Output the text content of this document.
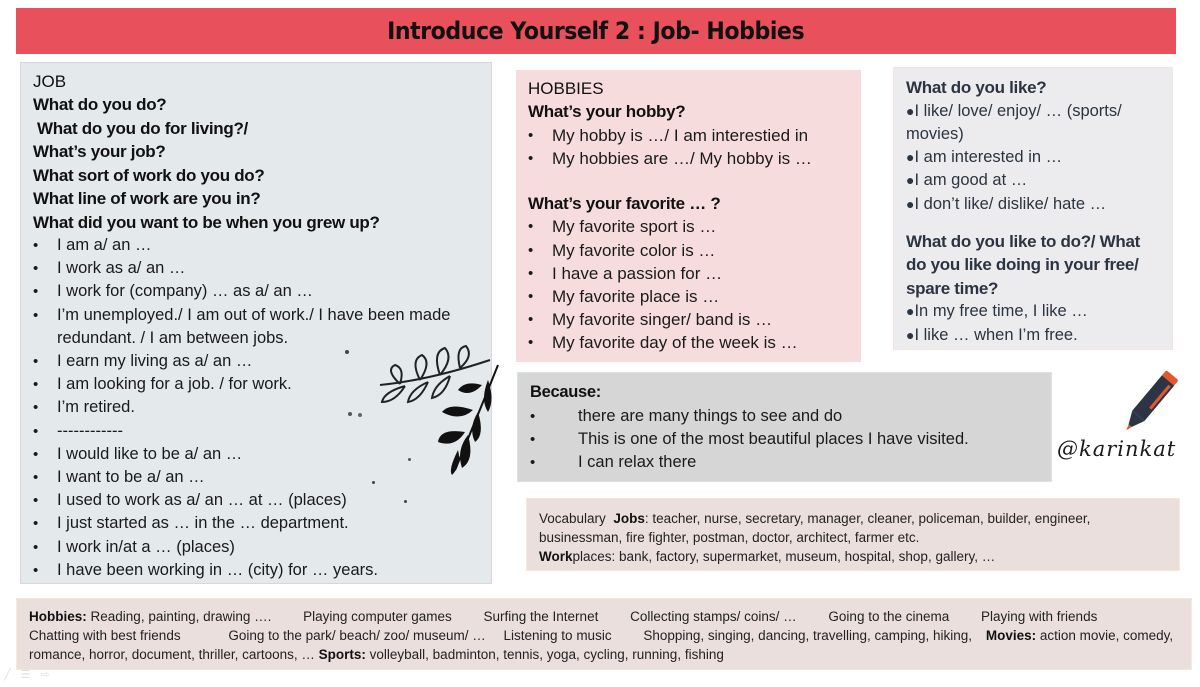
Introduce Yourself 2 : Job- Hobbies
JOB
What do you do?
What do you do for living?/
What’s your job?
What sort of work do you do?
What line of work are you in?
What did you want to be when you grew up?
• I am a/ an …
• I work as a/ an …
• I work for (company) … as a/ an …
• I’m unemployed./ I am out of work./ I have been made redundant. / I am between jobs.
• I earn my living as a/ an …
• I am looking for a job. / for work.
• I’m retired.
• ------------
• I would like to be a/ an …
• I want to be a/ an …
• I used to work as a/ an … at … (places)
• I just started as … in the … department.
• I work in/at a … (places)
• I have been working in … (city) for … years.
HOBBIES
What’s your hobby?
• My hobby is …/ I am interestied in
• My hobbies are …/ My hobby is …
What’s your favorite … ?
• My favorite sport is …
• My favorite color is …
• I have a passion for …
• My favorite place is …
• My favorite singer/ band is …
• My favorite day of the week is …
What do you like?
●I like/ love/ enjoy/ … (sports/ movies)
●I am interested in …
●I am good at …
●I don’t like/ dislike/ hate …
What do you like to do?/ What do you like doing in your free/ spare time?
●In my free time, I like …
●I like … when I’m free.
Because:
• there are many things to see and do
• This is one of the most beautiful places I have visited.
• I can relax there
@karinkat
Vocabulary Jobs: teacher, nurse, secretary, manager, cleaner, policeman, builder, engineer, businessman, fire fighter, postman, doctor, architect, farmer etc.
Workplaces: bank, factory, supermarket, museum, hospital, shop, gallery, …
Hobbies: Reading, painting, drawing …. Playing computer games Surfing the Internet Collecting stamps/ coins/ … Going to the cinema Playing with friends
Chatting with best friends	Going to the park/ beach/ zoo/ museum/ … Listening to music Shopping, singing, dancing, travelling, camping, hiking, Movies: action movie, comedy, romance, horror, document, thriller, cartoons, … Sports: volleyball, badminton, tennis, yoga, cycling, running, fishing
╱ ☰ ⇨
